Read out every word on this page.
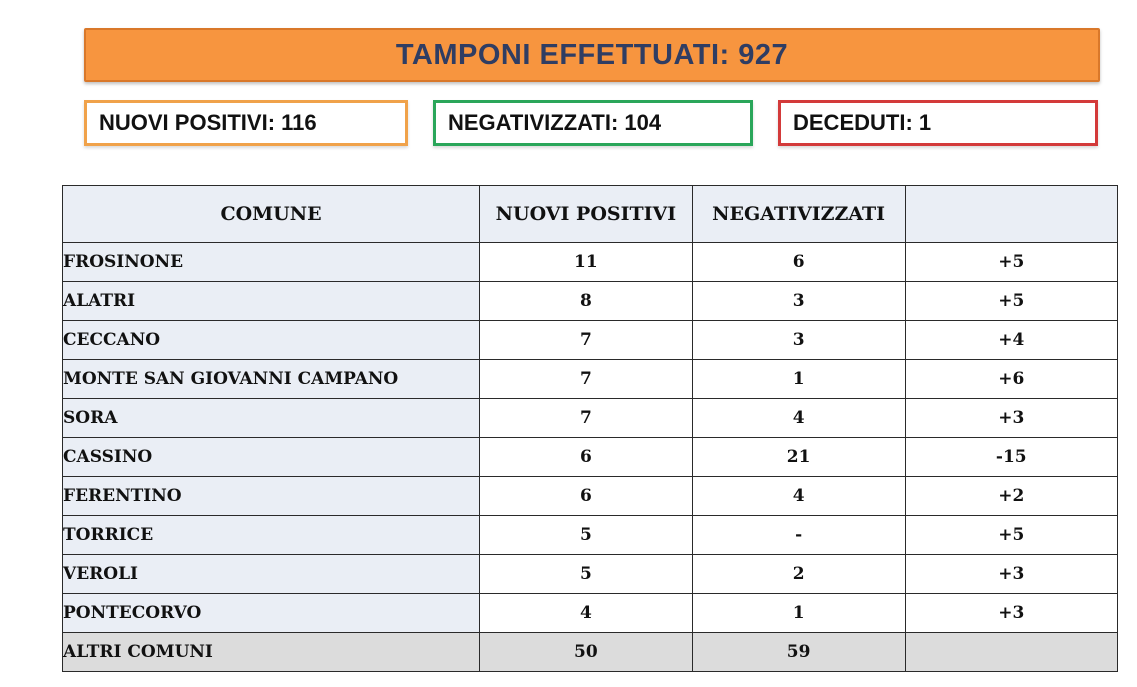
TAMPONI EFFETTUATI: 927
NUOVI POSITIVI: 116	NEGATIVIZZATI: 104	DECEDUTI: 1
COMUNE	NUOVI POSITIVI	NEGATIVIZZATI	
FROSINONE	11	6	+5
ALATRI	8	3	+5
CECCANO	7	3	+4
MONTE SAN GIOVANNI CAMPANO	7	1	+6
SORA	7	4	+3
CASSINO	6	21	-15
FERENTINO	6	4	+2
TORRICE	5	-	+5
VEROLI	5	2	+3
PONTECORVO	4	1	+3
ALTRI COMUNI	50	59	
